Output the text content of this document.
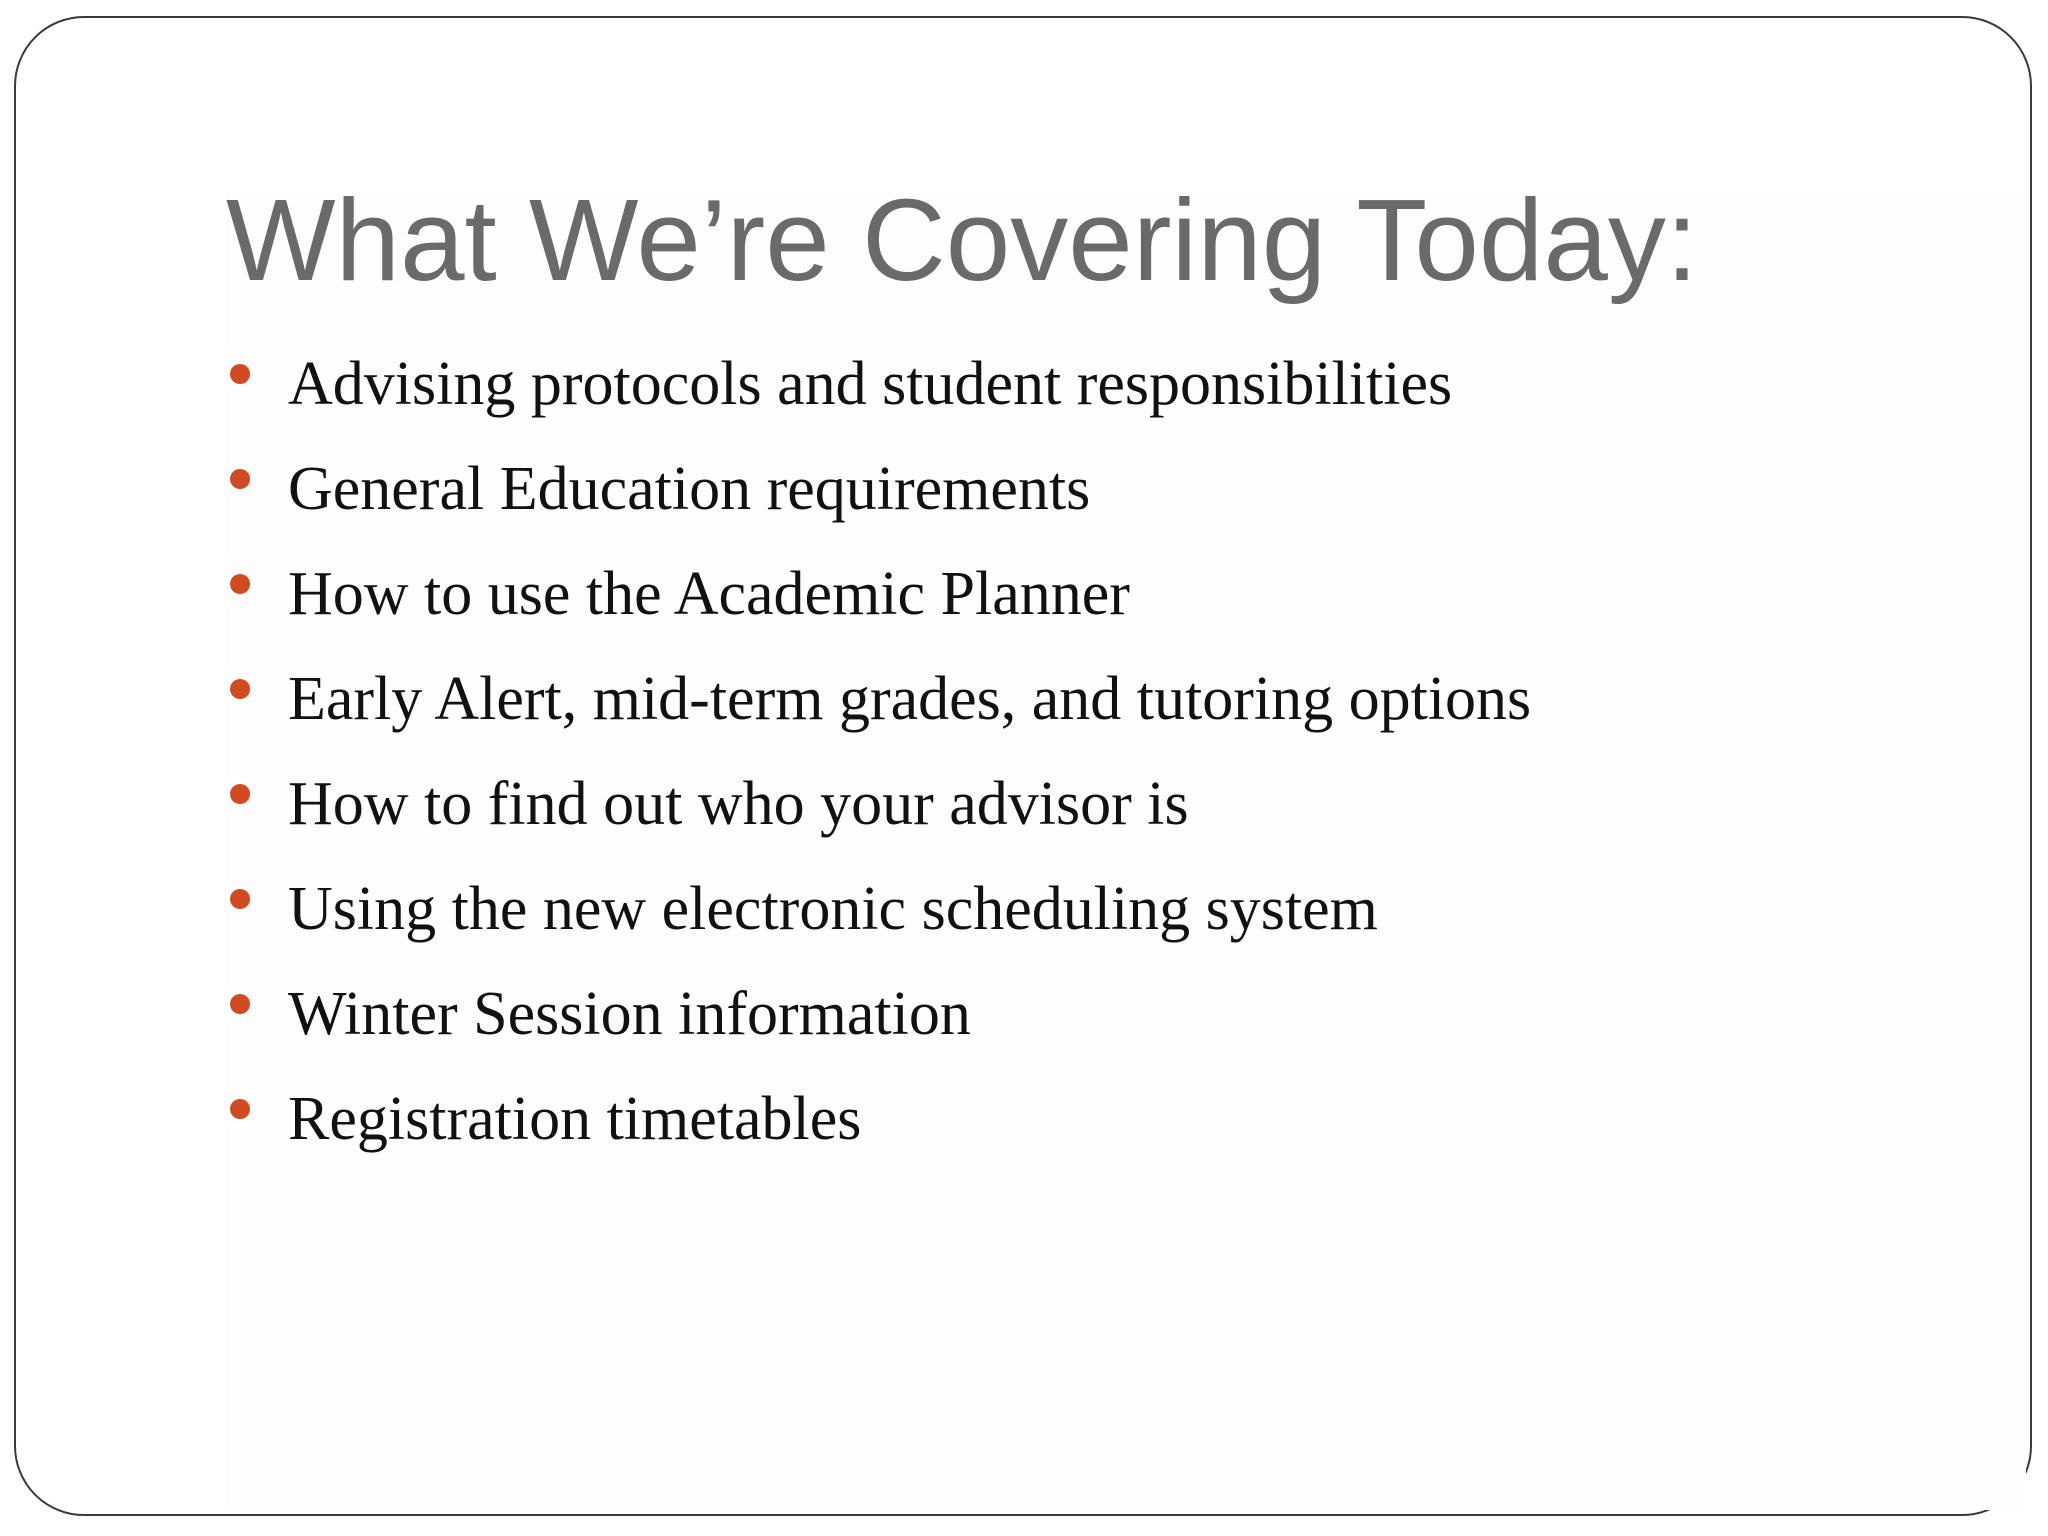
What We’re Covering Today:
Advising protocols and student responsibilities
General Education requirements
How to use the Academic Planner
Early Alert, mid-term grades, and tutoring options
How to find out who your advisor is
Using the new electronic scheduling system
Winter Session information
Registration timetables
